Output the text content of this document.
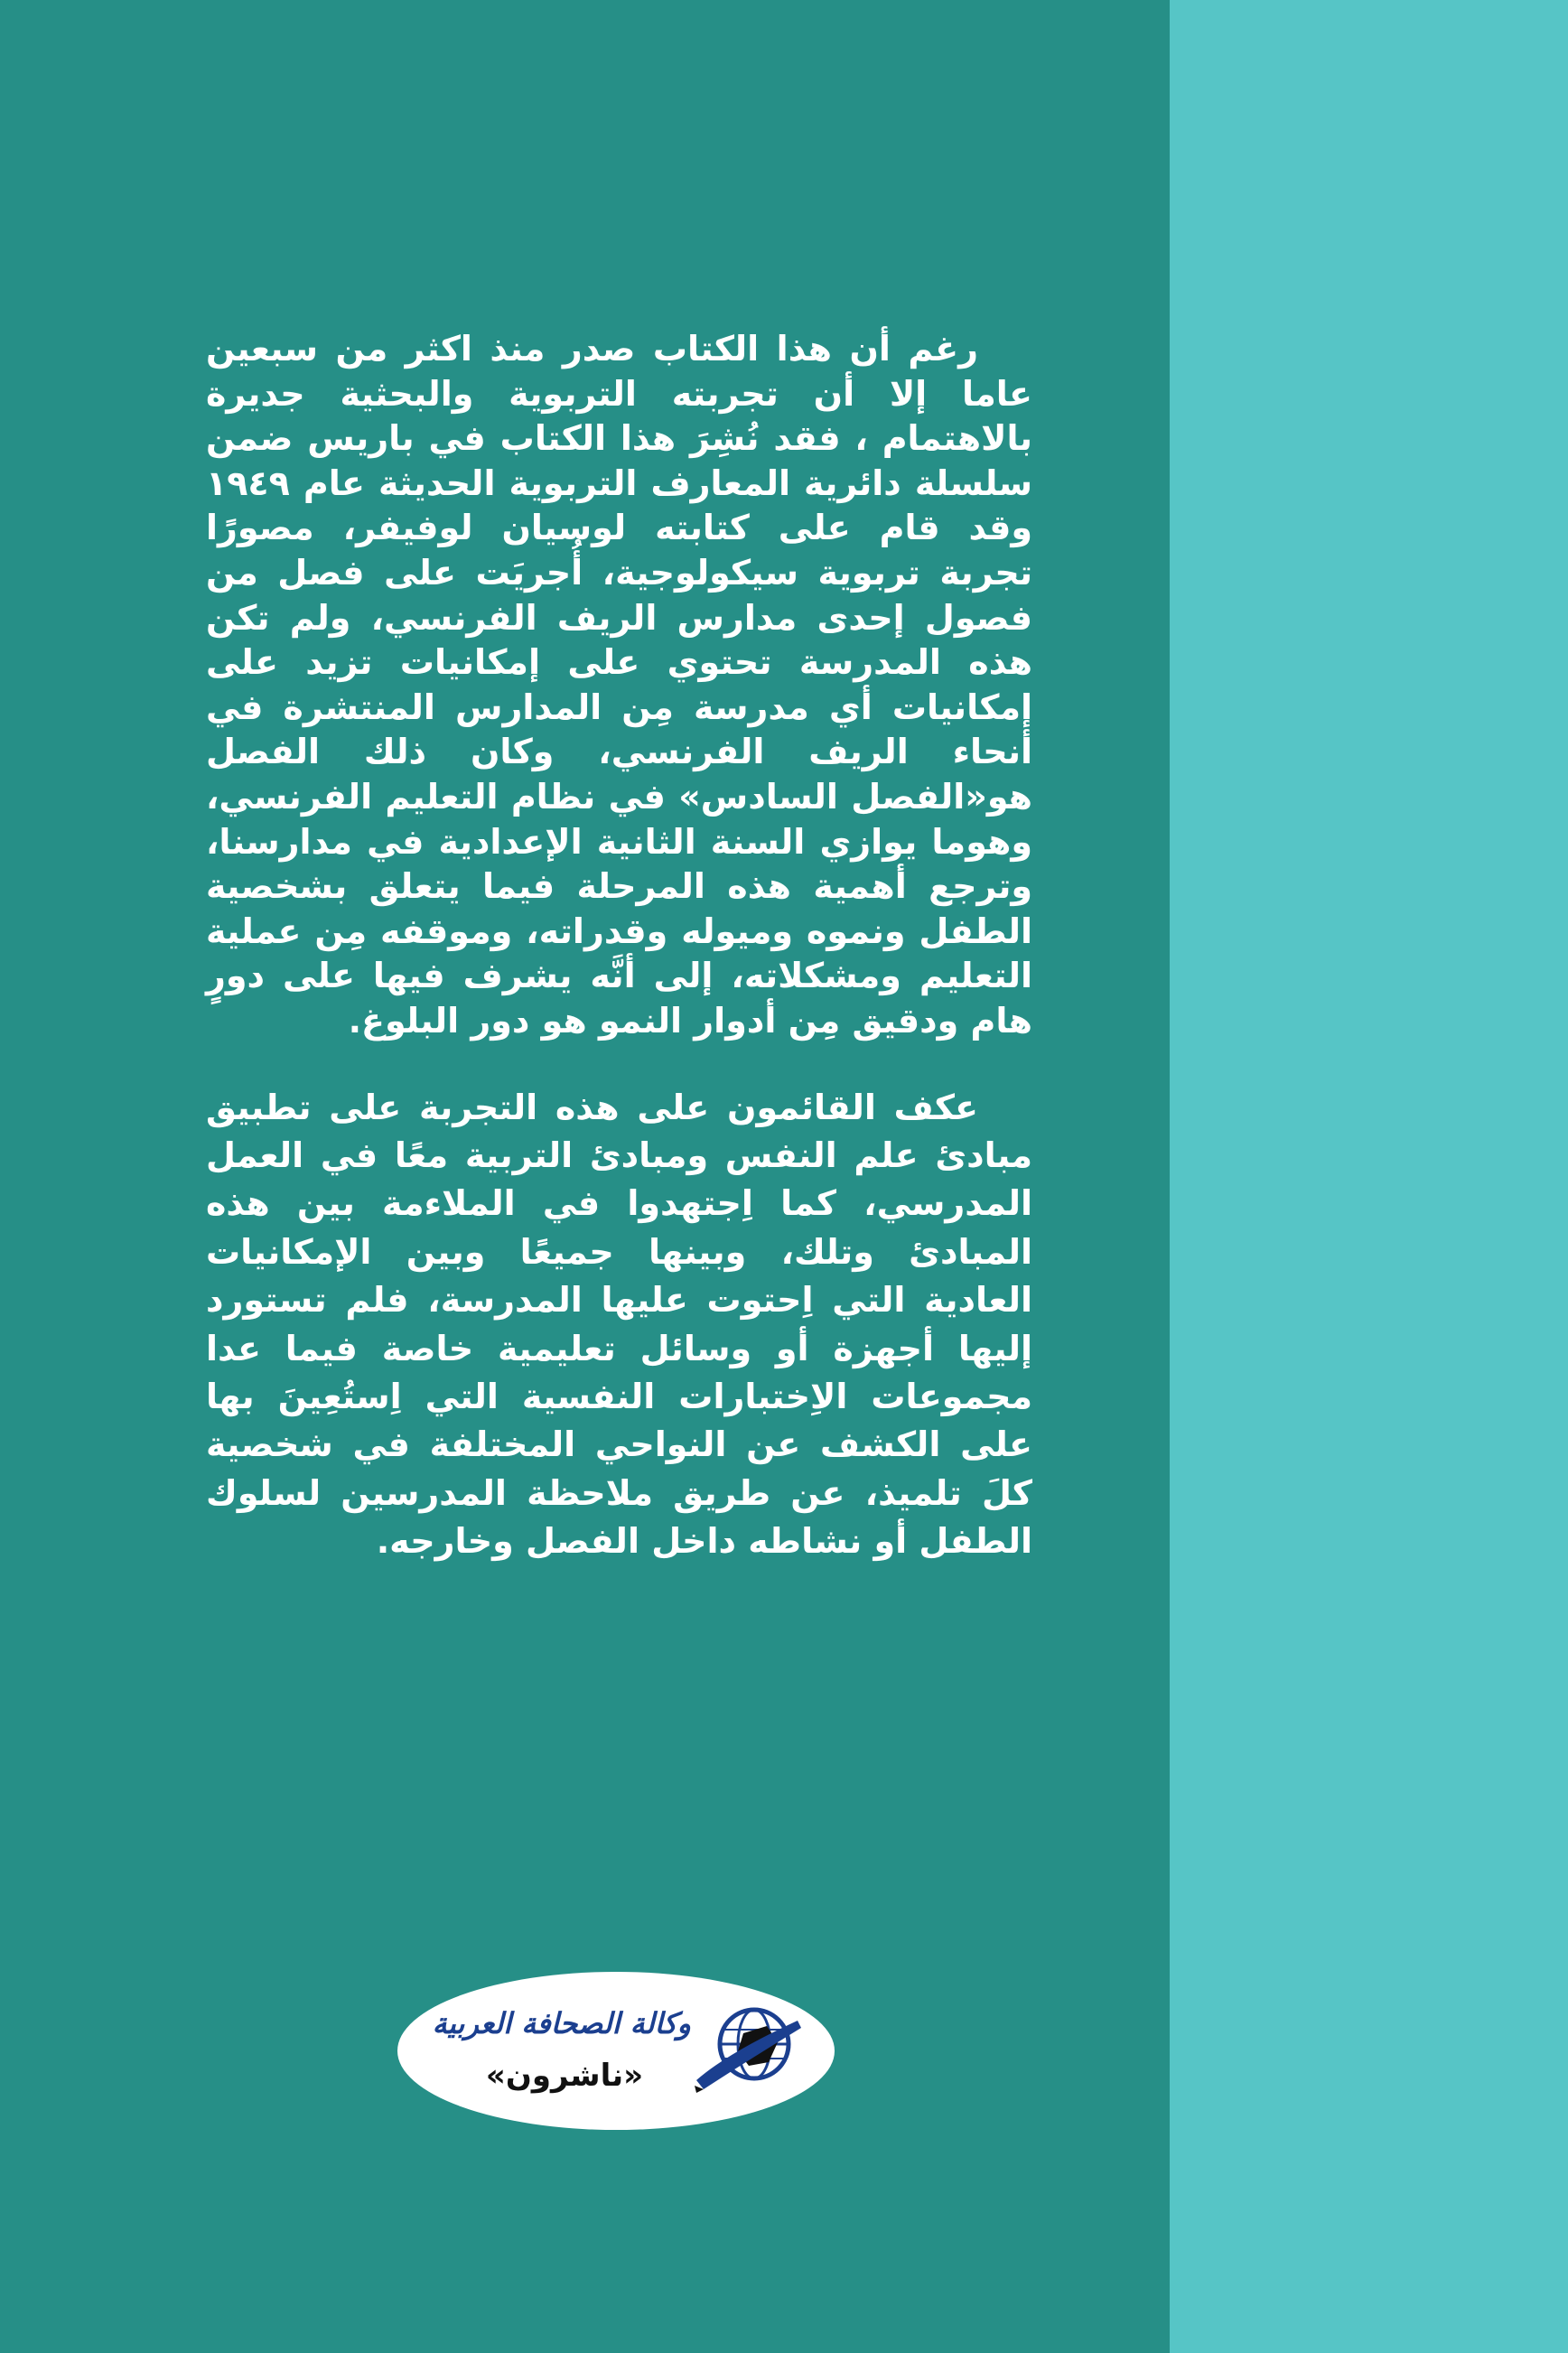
رغم أن هذا الكتاب صدر منذ اكثر من سبعين عاما إلا أن تجربته التربوية والبحثية جديرة بالاهتمام ، فقد نُشِرَ هذا الكتاب في باريس ضمن سلسلة دائرية المعارف التربوية الحديثة عام ١٩٤٩ وقد قام على كتابته لوسيان لوفيفر، مصورًا تجربة تربوية سيكولوجية، أُجريَت على فصل من فصول إحدى مدارس الريف الفرنسي، ولم تكن هذه المدرسة تحتوي على إمكانيات تزيد على إمكانيات أي مدرسة مِن المدارس المنتشرة في أنحاء الريف الفرنسي، وكان ذلك الفصل هو«الفصل السادس» في نظام التعليم الفرنسي، وهوما يوازي السنة الثانية الإعدادية في مدارسنا، وترجع أهمية هذه المرحلة فيما يتعلق بشخصية الطفل ونموه وميوله وقدراته، وموقفه مِن عملية التعليم ومشكلاته، إلى أنَّه يشرف فيها على دورٍ هام ودقيق مِن أدوار النمو هو دور البلوغ.

عكف القائمون على هذه التجربة على تطبيق مبادئ علم النفس ومبادئ التربية معًا في العمل المدرسي، كما اِجتهدوا في الملاءمة بين هذه المبادئ وتلك، وبينها جميعًا وبين الإمكانيات العادية التي اِحتوت عليها المدرسة، فلم تستورد إليها أجهزة أو وسائل تعليمية خاصة فيما عدا مجموعات الاِختبارات النفسية التي اِستُعِينَ بها على الكشف عن النواحي المختلفة في شخصية كلَ تلميذ، عن طريق ملاحظة المدرسين لسلوك الطفل أو نشاطه داخل الفصل وخارجه.

وكالة الصحافة العربية
«ناشرون»
